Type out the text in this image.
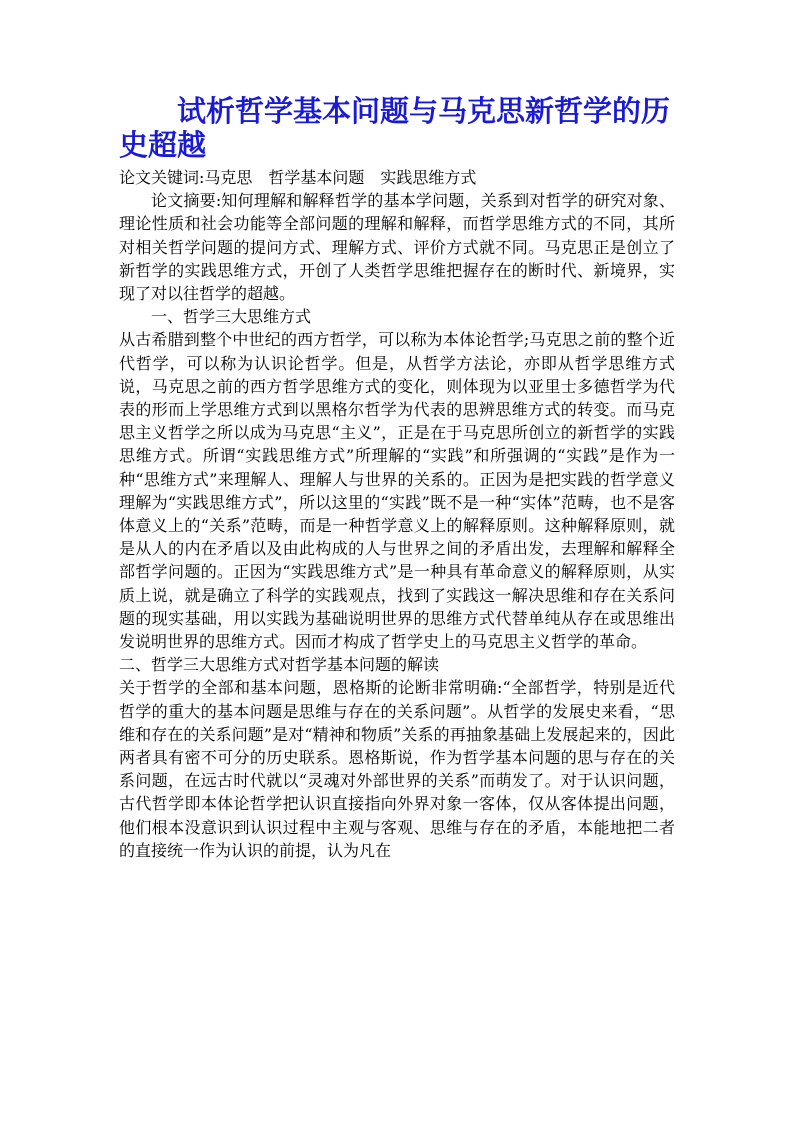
试析哲学基本问题与马克思新哲学的历史超越

论文关键词:马克思　哲学基本问题　实践思维方式

论文摘要:知何理解和解释哲学的基本学问题，关系到对哲学的研究对象、理论性质和社会功能等全部问题的理解和解释，而哲学思维方式的不同，其所对相关哲学问题的提问方式、理解方式、评价方式就不同。马克思正是创立了新哲学的实践思维方式，开创了人类哲学思维把握存在的断时代、新境界，实现了对以往哲学的超越。

一、哲学三大思维方式

从古希腊到整个中世纪的西方哲学，可以称为本体论哲学;马克思之前的整个近代哲学，可以称为认识论哲学。但是，从哲学方法论，亦即从哲学思维方式说，马克思之前的西方哲学思维方式的变化，则体现为以亚里士多德哲学为代表的形而上学思维方式到以黑格尔哲学为代表的思辨思维方式的转变。而马克思主义哲学之所以成为马克思“主义”，正是在于马克思所创立的新哲学的实践思维方式。所谓“实践思维方式”所理解的“实践”和所强调的“实践”是作为一种“思维方式”来理解人、理解人与世界的关系的。正因为是把实践的哲学意义理解为“实践思维方式”，所以这里的“实践”既不是一种“实体”范畴，也不是客体意义上的“关系”范畴，而是一种哲学意义上的解释原则。这种解释原则，就是从人的内在矛盾以及由此构成的人与世界之间的矛盾出发，去理解和解释全部哲学问题的。正因为“实践思维方式”是一种具有革命意义的解释原则，从实质上说，就是确立了科学的实践观点，找到了实践这一解决思维和存在关系问题的现实基础，用以实践为基础说明世界的思维方式代替单纯从存在或思维出发说明世界的思维方式。因而才构成了哲学史上的马克思主义哲学的革命。

二、哲学三大思维方式对哲学基本问题的解读

关于哲学的全部和基本问题，恩格斯的论断非常明确:“全部哲学，特别是近代哲学的重大的基本问题是思维与存在的关系问题”。从哲学的发展史来看，“思维和存在的关系问题”是对“精神和物质”关系的再抽象基础上发展起来的，因此两者具有密不可分的历史联系。恩格斯说，作为哲学基本问题的思与存在的关系问题，在远古时代就以“灵魂对外部世界的关系”而萌发了。对于认识问题，古代哲学即本体论哲学把认识直接指向外界对象一客体，仅从客体提出问题，他们根本没意识到认识过程中主观与客观、思维与存在的矛盾，本能地把二者的直接统一作为认识的前提，认为凡在
